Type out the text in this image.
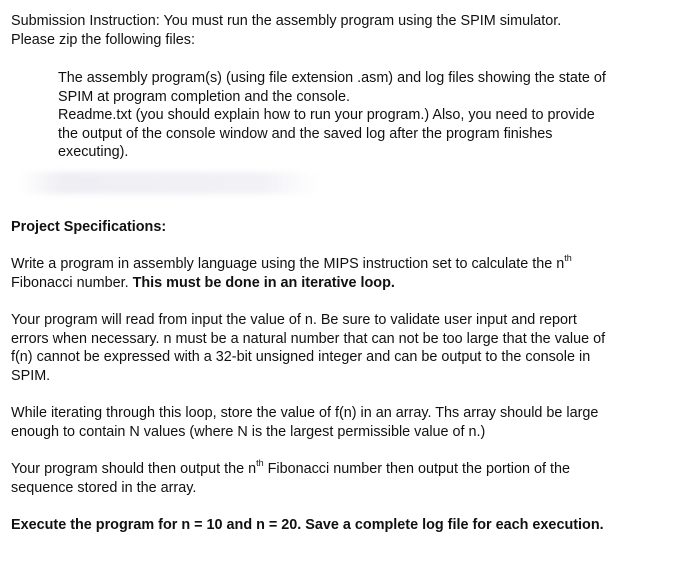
Submission Instruction: You must run the assembly program using the SPIM simulator.
Please zip the following files:

The assembly program(s) (using file extension .asm) and log files showing the state of
SPIM at program completion and the console.
Readme.txt (you should explain how to run your program.) Also, you need to provide
the output of the console window and the saved log after the program finishes
executing).

Project Specifications:

Write a program in assembly language using the MIPS instruction set to calculate the $n^{th}$
Fibonacci number. This must be done in an iterative loop.

Your program will read from input the value of n. Be sure to validate user input and report
errors when necessary. n must be a natural number that can not be too large that the value of
f(n) cannot be expressed with a 32-bit unsigned integer and can be output to the console in
SPIM.

While iterating through this loop, store the value of f(n) in an array. Ths array should be large
enough to contain N values (where N is the largest permissible value of n.)

Your program should then output the $n^{th}$ Fibonacci number then output the portion of the
sequence stored in the array.

Execute the program for n = 10 and n = 20. Save a complete log file for each execution.
